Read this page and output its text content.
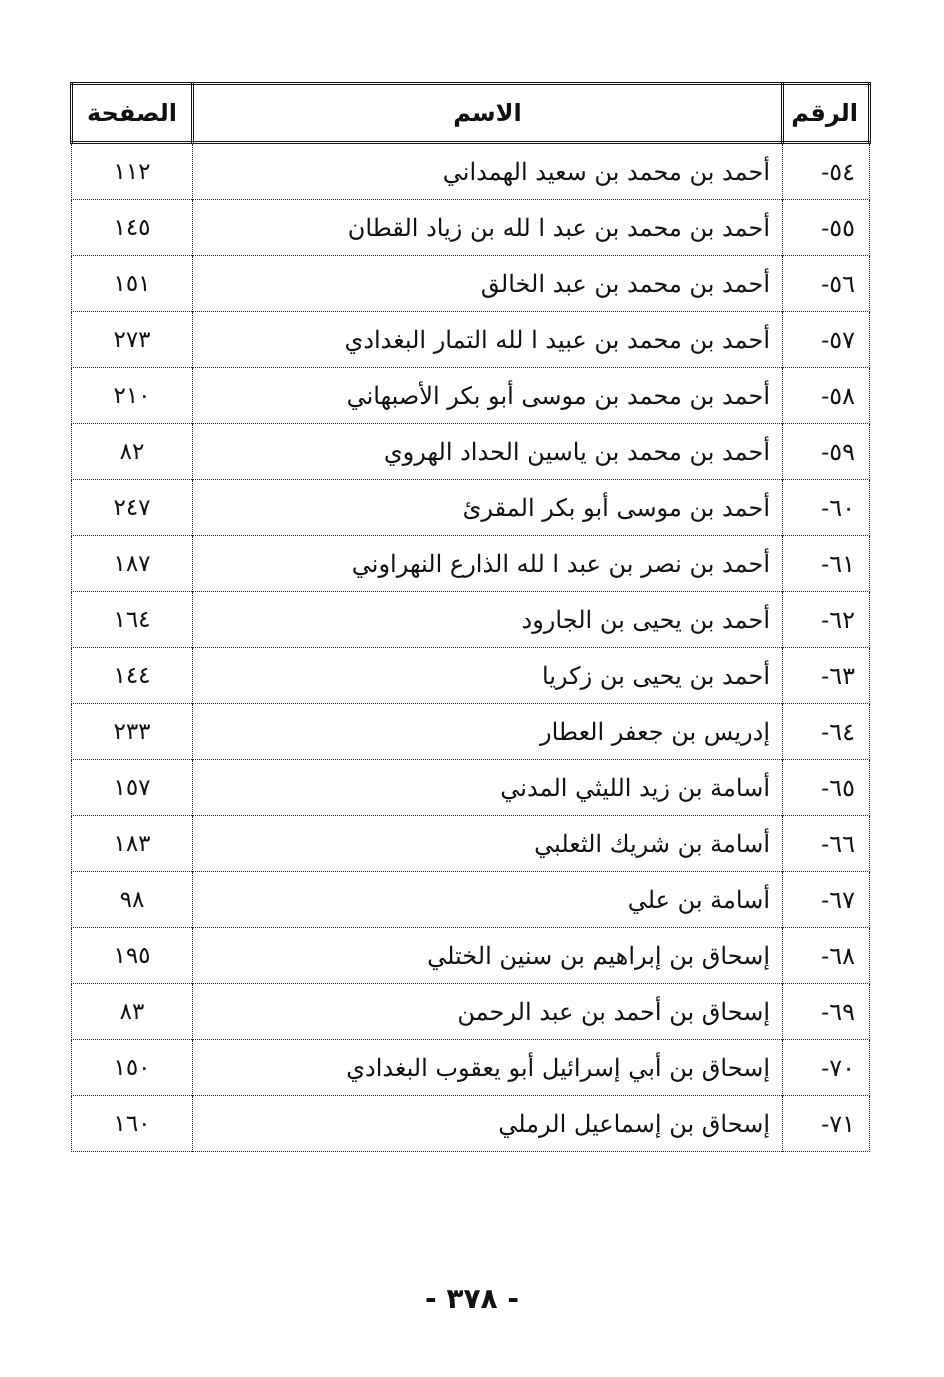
الرقم	الاسم	الصفحة
٥٤-	أحمد بن محمد بن سعيد الهمداني	١١٢
٥٥-	أحمد بن محمد بن عبد ا لله بن زياد القطان	١٤٥
٥٦-	أحمد بن محمد بن عبد الخالق	١٥١
٥٧-	أحمد بن محمد بن عبيد ا لله التمار البغدادي	٢٧٣
٥٨-	أحمد بن محمد بن موسى أبو بكر الأصبهاني	٢١٠
٥٩-	أحمد بن محمد بن ياسين الحداد الهروي	٨٢
٦٠-	أحمد بن موسى أبو بكر المقرئ	٢٤٧
٦١-	أحمد بن نصر بن عبد ا لله الذارع النهراوني	١٨٧
٦٢-	أحمد بن يحيى بن الجارود	١٦٤
٦٣-	أحمد بن يحيى بن زكريا	١٤٤
٦٤-	إدريس بن جعفر العطار	٢٣٣
٦٥-	أسامة بن زيد الليثي المدني	١٥٧
٦٦-	أسامة بن شريك الثعلبي	١٨٣
٦٧-	أسامة بن علي	٩٨
٦٨-	إسحاق بن إبراهيم بن سنين الختلي	١٩٥
٦٩-	إسحاق بن أحمد بن عبد الرحمن	٨٣
٧٠-	إسحاق بن أبي إسرائيل أبو يعقوب البغدادي	١٥٠
٧١-	إسحاق بن إسماعيل الرملي	١٦٠
- ٣٧٨ -
